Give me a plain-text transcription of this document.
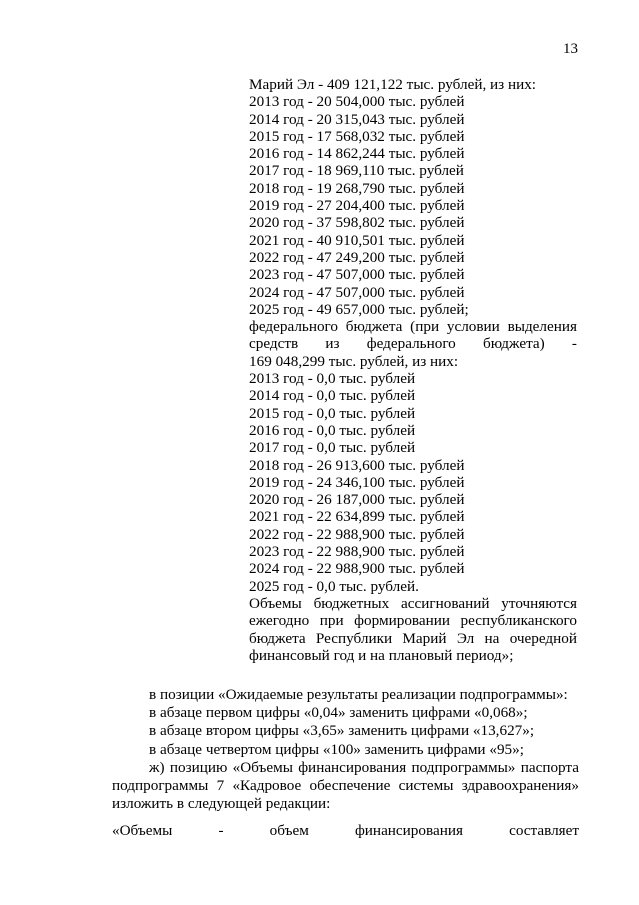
13
Марий Эл - 409 121,122 тыс. рублей, из них:
2013 год - 20 504,000 тыс. рублей
2014 год - 20 315,043 тыс. рублей
2015 год - 17 568,032 тыс. рублей
2016 год - 14 862,244 тыс. рублей
2017 год - 18 969,110 тыс. рублей
2018 год - 19 268,790 тыс. рублей
2019 год - 27 204,400 тыс. рублей
2020 год - 37 598,802 тыс. рублей
2021 год - 40 910,501 тыс. рублей
2022 год - 47 249,200 тыс. рублей
2023 год - 47 507,000 тыс. рублей
2024 год - 47 507,000 тыс. рублей
2025 год - 49 657,000 тыс. рублей;
федерального бюджета (при условии выделения
средств из федерального бюджета) -
169 048,299 тыс. рублей, из них:
2013 год - 0,0 тыс. рублей
2014 год - 0,0 тыс. рублей
2015 год - 0,0 тыс. рублей
2016 год - 0,0 тыс. рублей
2017 год - 0,0 тыс. рублей
2018 год - 26 913,600 тыс. рублей
2019 год - 24 346,100 тыс. рублей
2020 год - 26 187,000 тыс. рублей
2021 год - 22 634,899 тыс. рублей
2022 год - 22 988,900 тыс. рублей
2023 год - 22 988,900 тыс. рублей
2024 год - 22 988,900 тыс. рублей
2025 год - 0,0 тыс. рублей.
Объемы бюджетных ассигнований уточняются
ежегодно при формировании республиканского
бюджета Республики Марий Эл на очередной
финансовый год и на плановый период»;
в позиции «Ожидаемые результаты реализации подпрограммы»:
в абзаце первом цифры «0,04» заменить цифрами «0,068»;
в абзаце втором цифры «3,65» заменить цифрами «13,627»;
в абзаце четвертом цифры «100» заменить цифрами «95»;
ж) позицию «Объемы финансирования подпрограммы» паспорта
подпрограммы 7 «Кадровое обеспечение системы здравоохранения»
изложить в следующей редакции:
«Объемы	-	объем	финансирования	составляет
